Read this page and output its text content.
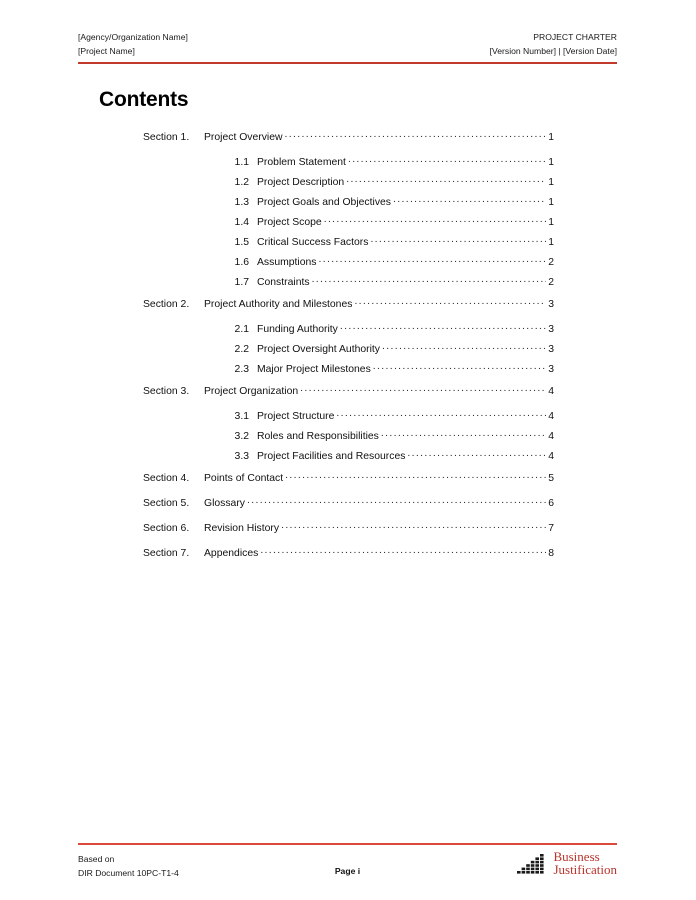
[Agency/Organization Name]
[Project Name]
PROJECT CHARTER
[Version Number] | [Version Date]
Contents
Section 1.	Project Overview .....	1
1.1 Problem Statement .....	1
1.2 Project Description .....	1
1.3 Project Goals and Objectives .....	1
1.4 Project Scope .....	1
1.5 Critical Success Factors .....	1
1.6 Assumptions .....	2
1.7 Constraints .....	2
Section 2.	Project Authority and Milestones .....	3
2.1 Funding Authority .....	3
2.2 Project Oversight Authority .....	3
2.3 Major Project Milestones .....	3
Section 3.	Project Organization .....	4
3.1 Project Structure .....	4
3.2 Roles and Responsibilities .....	4
3.3 Project Facilities and Resources .....	4
Section 4.	Points of Contact .....	5
Section 5.	Glossary .....	6
Section 6.	Revision History .....	7
Section 7.	Appendices .....	8
Based on
DIR Document 10PC-T1-4	Page i
Business
Justification
